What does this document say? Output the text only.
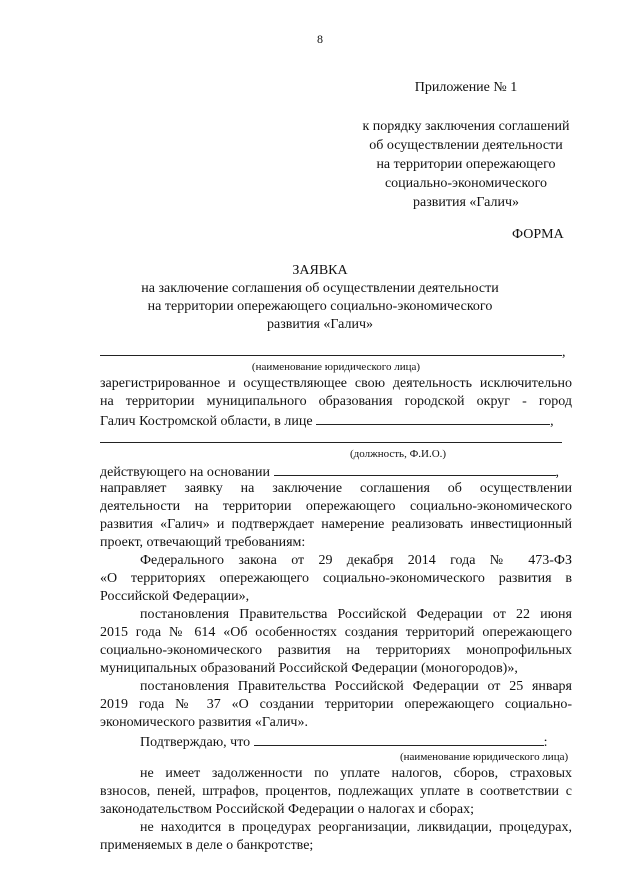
8
Приложение № 1
к порядку заключения соглашений
об осуществлении деятельности
на территории опережающего
социально-экономического
развития «Галич»
ФОРМА
ЗАЯВКА
на заключение соглашения об осуществлении деятельности
на территории опережающего социально-экономического
развития «Галич»
,
(наименование юридического лица)
зарегистрированное и осуществляющее свою деятельность исключительно
на территории муниципального образования городской округ - город
Галич Костромской области, в лице	,
(должность, Ф.И.О.)
действующего на основании	,
направляет заявку на заключение соглашения об осуществлении
деятельности на территории опережающего социально-экономического
развития «Галич» и подтверждает намерение реализовать инвестиционный
проект, отвечающий требованиям:
Федерального закона от 29 декабря 2014 года № 473-ФЗ
«О территориях опережающего социально-экономического развития в
Российской Федерации»,
постановления Правительства Российской Федерации от 22 июня
2015 года № 614 «Об особенностях создания территорий опережающего
социально-экономического развития на территориях монопрофильных
муниципальных образований Российской Федерации (моногородов)»,
постановления Правительства Российской Федерации от 25 января
2019 года № 37 «О создании территории опережающего социально-
экономического развития «Галич».
Подтверждаю, что	:
(наименование юридического лица)
не имеет задолженности по уплате налогов, сборов, страховых
взносов, пеней, штрафов, процентов, подлежащих уплате в соответствии с
законодательством Российской Федерации о налогах и сборах;
не находится в процедурах реорганизации, ликвидации, процедурах,
применяемых в деле о банкротстве;
